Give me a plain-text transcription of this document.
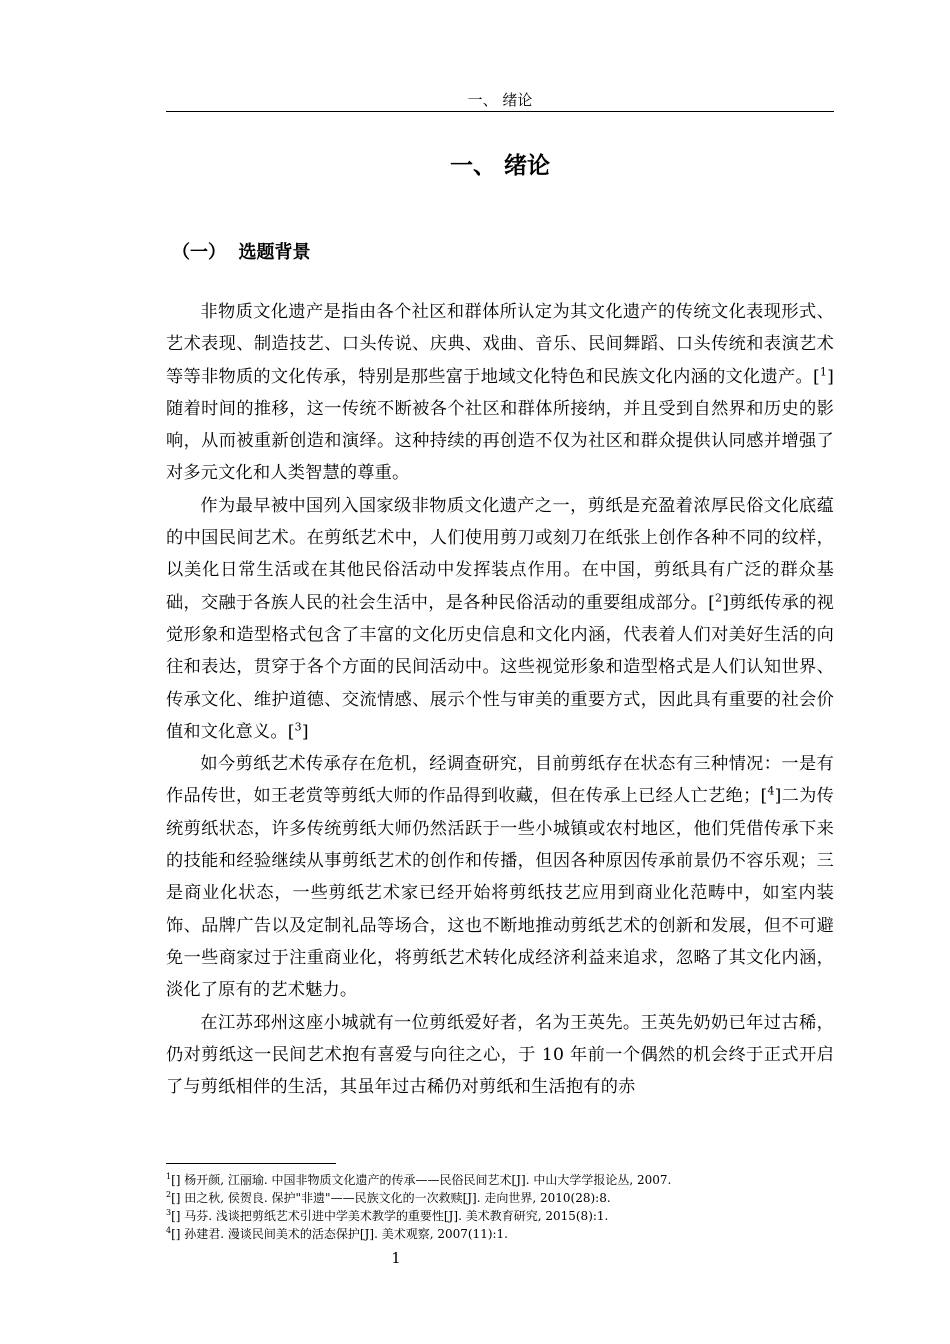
一、 绪论
一、 绪论
（一）  选题背景

非物质文化遗产是指由各个社区和群体所认定为其文化遗产的传统文化表现形式、艺术表现、制造技艺、口头传说、庆典、戏曲、音乐、民间舞蹈、口头传统和表演艺术等等非物质的文化传承，特别是那些富于地域文化特色和民族文化内涵的文化遗产。[$^1$]随着时间的推移，这一传统不断被各个社区和群体所接纳，并且受到自然界和历史的影响，从而被重新创造和演绎。这种持续的再创造不仅为社区和群众提供认同感并增强了对多元文化和人类智慧的尊重。

作为最早被中国列入国家级非物质文化遗产之一，剪纸是充盈着浓厚民俗文化底蕴的中国民间艺术。在剪纸艺术中，人们使用剪刀或刻刀在纸张上创作各种不同的纹样，以美化日常生活或在其他民俗活动中发挥装点作用。在中国，剪纸具有广泛的群众基础，交融于各族人民的社会生活中，是各种民俗活动的重要组成部分。[$^2$]剪纸传承的视觉形象和造型格式包含了丰富的文化历史信息和文化内涵，代表着人们对美好生活的向往和表达，贯穿于各个方面的民间活动中。这些视觉形象和造型格式是人们认知世界、传承文化、维护道德、交流情感、展示个性与审美的重要方式，因此具有重要的社会价值和文化意义。[$^3$]

如今剪纸艺术传承存在危机，经调查研究，目前剪纸存在状态有三种情况：一是有作品传世，如王老赏等剪纸大师的作品得到收藏，但在传承上已经人亡艺绝；[$^4$]二为传统剪纸状态，许多传统剪纸大师仍然活跃于一些小城镇或农村地区，他们凭借传承下来的技能和经验继续从事剪纸艺术的创作和传播，但因各种原因传承前景仍不容乐观；三是商业化状态，一些剪纸艺术家已经开始将剪纸技艺应用到商业化范畴中，如室内装饰、品牌广告以及定制礼品等场合，这也不断地推动剪纸艺术的创新和发展，但不可避免一些商家过于注重商业化，将剪纸艺术转化成经济利益来追求，忽略了其文化内涵，淡化了原有的艺术魅力。

在江苏邳州这座小城就有一位剪纸爱好者，名为王英先。王英先奶奶已年过古稀，仍对剪纸这一民间艺术抱有喜爱与向往之心，于 10 年前一个偶然的机会终于正式开启了与剪纸相伴的生活，其虽年过古稀仍对剪纸和生活抱有的赤

$^1$[] 杨开颜, 江丽瑜. 中国非物质文化遗产的传承——民俗民间艺术[J]. 中山大学学报论丛, 2007.
$^2$[] 田之秋, 侯贺良. 保护"非遗"——民族文化的一次救赎[J]. 走向世界, 2010(28):8.
$^3$[] 马芬. 浅谈把剪纸艺术引进中学美术教学的重要性[J]. 美术教育研究, 2015(8):1.
$^4$[] 孙建君. 漫谈民间美术的活态保护[J]. 美术观察, 2007(11):1.
1
